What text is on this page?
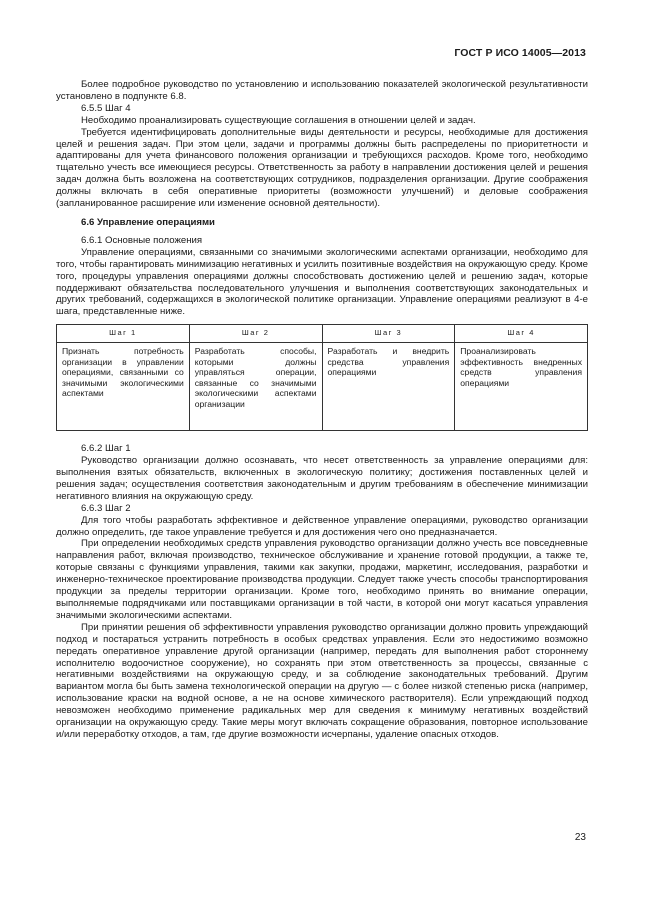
ГОСТ Р ИСО 14005—2013

Более подробное руководство по установлению и использованию показателей экологической результативности установлено в подпункте 6.8.

6.5.5 Шаг 4

Необходимо проанализировать существующие соглашения в отношении целей и задач.

Требуется идентифицировать дополнительные виды деятельности и ресурсы, необходимые для достижения целей и решения задач. При этом цели, задачи и программы должны быть распределены по приоритетности и адаптированы для учета финансового положения организации и требующихся расходов. Кроме того, необходимо тщательно учесть все имеющиеся ресурсы. Ответственность за работу в направлении достижения целей и решения задач должна быть возложена на соответствующих сотрудников, подразделения организации. Другие соображения должны включать в себя оперативные приоритеты (возможности улучшений) и деловые соображения (запланированное расширение или изменение основной деятельности).

6.6 Управление операциями

6.6.1 Основные положения

Управление операциями, связанными со значимыми экологическими аспектами организации, необходимо для того, чтобы гарантировать минимизацию негативных и усилить позитивные воздействия на окружающую среду. Кроме того, процедуры управления операциями должны способствовать достижению целей и решению задач, которые поддерживают обязательства последовательного улучшения и выполнения соответствующих законодательных и других требований, содержащихся в экологической политике организации. Управление операциями реализуют в 4-е шага, представленные ниже.

Шаг 1	Шаг 2	Шаг 3	Шаг 4
Признать потребность организации в управлении операциями, связанными со значимыми экологическими аспектами	Разработать способы, которыми должны управляться операции, связанные со значимыми экологическими аспектами организации	Разработать и внедрить средства управления операциями	Проанализировать эффективность внедренных средств управления операциями

6.6.2 Шаг 1

Руководство организации должно осознавать, что несет ответственность за управление операциями для: выполнения взятых обязательств, включенных в экологическую политику; достижения поставленных целей и решения задач; осуществления соответствия законодательным и другим требованиям в обеспечение минимизации негативного влияния на окружающую среду.

6.6.3 Шаг 2

Для того чтобы разработать эффективное и действенное управление операциями, руководство организации должно определить, где такое управление требуется и для достижения чего оно предназначается.

При определении необходимых средств управления руководство организации должно учесть все повседневные направления работ, включая производство, техническое обслуживание и хранение готовой продукции, а также те, которые связаны с функциями управления, такими как закупки, продажи, маркетинг, исследования, разработки и инженерно-техническое проектирование производства продукции. Следует также учесть способы транспортирования продукции за пределы территории организации. Кроме того, необходимо принять во внимание операции, выполняемые подрядчиками или поставщиками организации в той части, в которой они могут касаться управления значимыми экологическими аспектами.

При принятии решения об эффективности управления руководство организации должно провить упреждающий подход и постараться устранить потребность в особых средствах управления. Если это недостижимо возможно передать оперативное управление другой организации (например, передать для выполнения работ стороннему исполнителю водоочистное сооружение), но сохранять при этом ответственность за процессы, связанные с негативными воздействиями на окружающую среду, и за соблюдение законодательных требований. Другим вариантом могла бы быть замена технологической операции на другую — с более низкой степенью риска (например, использование краски на водной основе, а не на основе химического растворителя). Если упреждающий подход невозможен необходимо применение радикальных мер для сведения к минимуму негативных воздействий организации на окружающую среду. Такие меры могут включать сокращение образования, повторное использование и/или переработку отходов, а там, где другие возможности исчерпаны, удаление опасных отходов.

23
